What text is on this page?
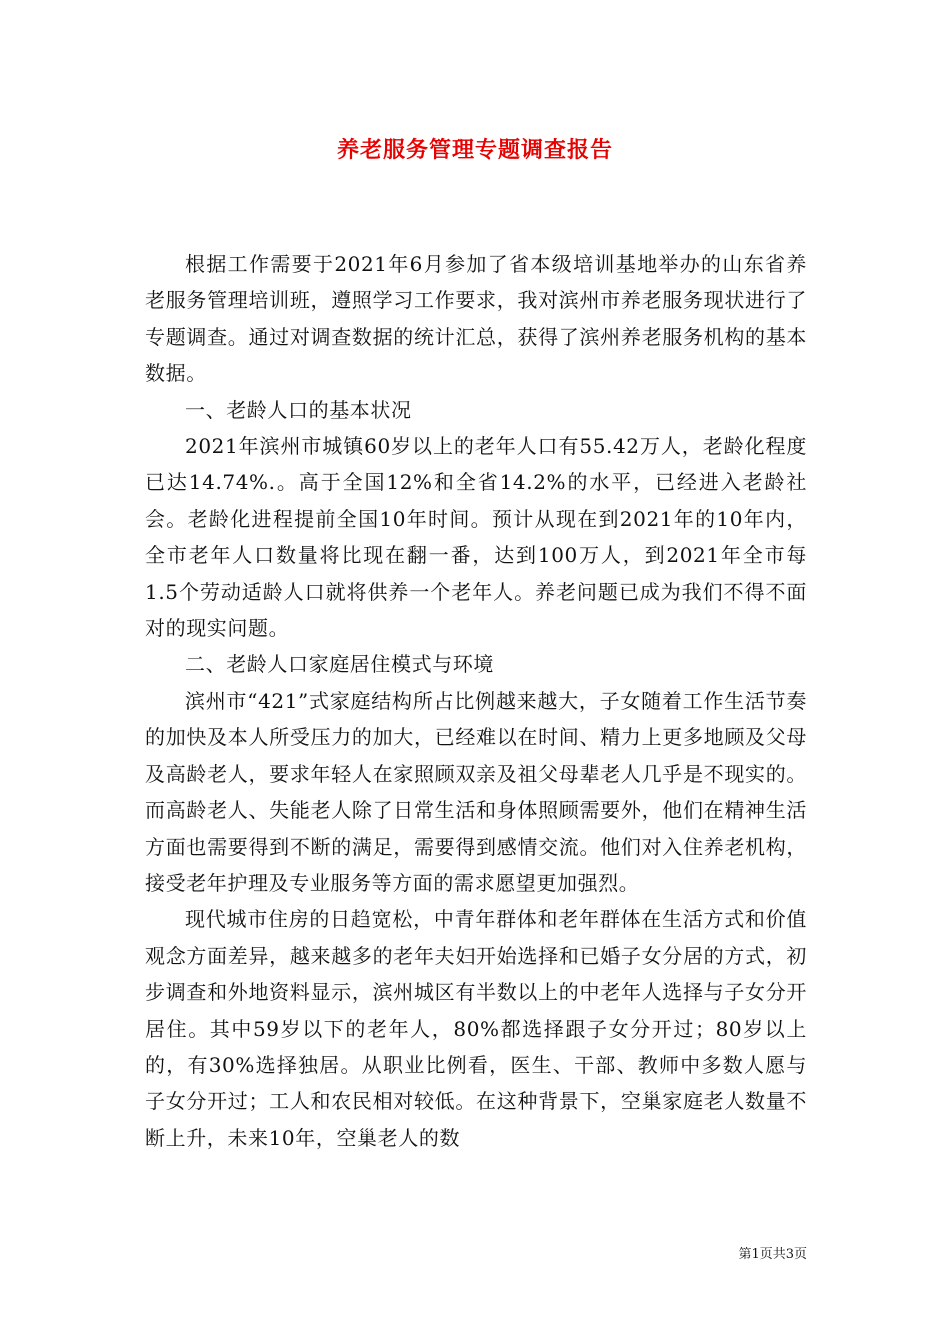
养老服务管理专题调查报告

根据工作需要于2021年6月参加了省本级培训基地举办的山东省养老服务管理培训班，遵照学习工作要求，我对滨州市养老服务现状进行了专题调查。通过对调查数据的统计汇总，获得了滨州养老服务机构的基本数据。

一、老龄人口的基本状况

2021年滨州市城镇60岁以上的老年人口有55.42万人，老龄化程度已达14.74%.。高于全国12%和全省14.2%的水平，已经进入老龄社会。老龄化进程提前全国10年时间。预计从现在到2021年的10年内，全市老年人口数量将比现在翻一番，达到100万人，到2021年全市每1.5个劳动适龄人口就将供养一个老年人。养老问题已成为我们不得不面对的现实问题。

二、老龄人口家庭居住模式与环境

滨州市“421”式家庭结构所占比例越来越大，子女随着工作生活节奏的加快及本人所受压力的加大，已经难以在时间、精力上更多地顾及父母及高龄老人，要求年轻人在家照顾双亲及祖父母辈老人几乎是不现实的。而高龄老人、失能老人除了日常生活和身体照顾需要外，他们在精神生活方面也需要得到不断的满足，需要得到感情交流。他们对入住养老机构，接受老年护理及专业服务等方面的需求愿望更加强烈。

现代城市住房的日趋宽松，中青年群体和老年群体在生活方式和价值观念方面差异，越来越多的老年夫妇开始选择和已婚子女分居的方式，初步调查和外地资料显示，滨州城区有半数以上的中老年人选择与子女分开居住。其中59岁以下的老年人，80%都选择跟子女分开过；80岁以上的，有30%选择独居。从职业比例看，医生、干部、教师中多数人愿与子女分开过；工人和农民相对较低。在这种背景下，空巢家庭老人数量不断上升，未来10年，空巢老人的数

第1页共3页
